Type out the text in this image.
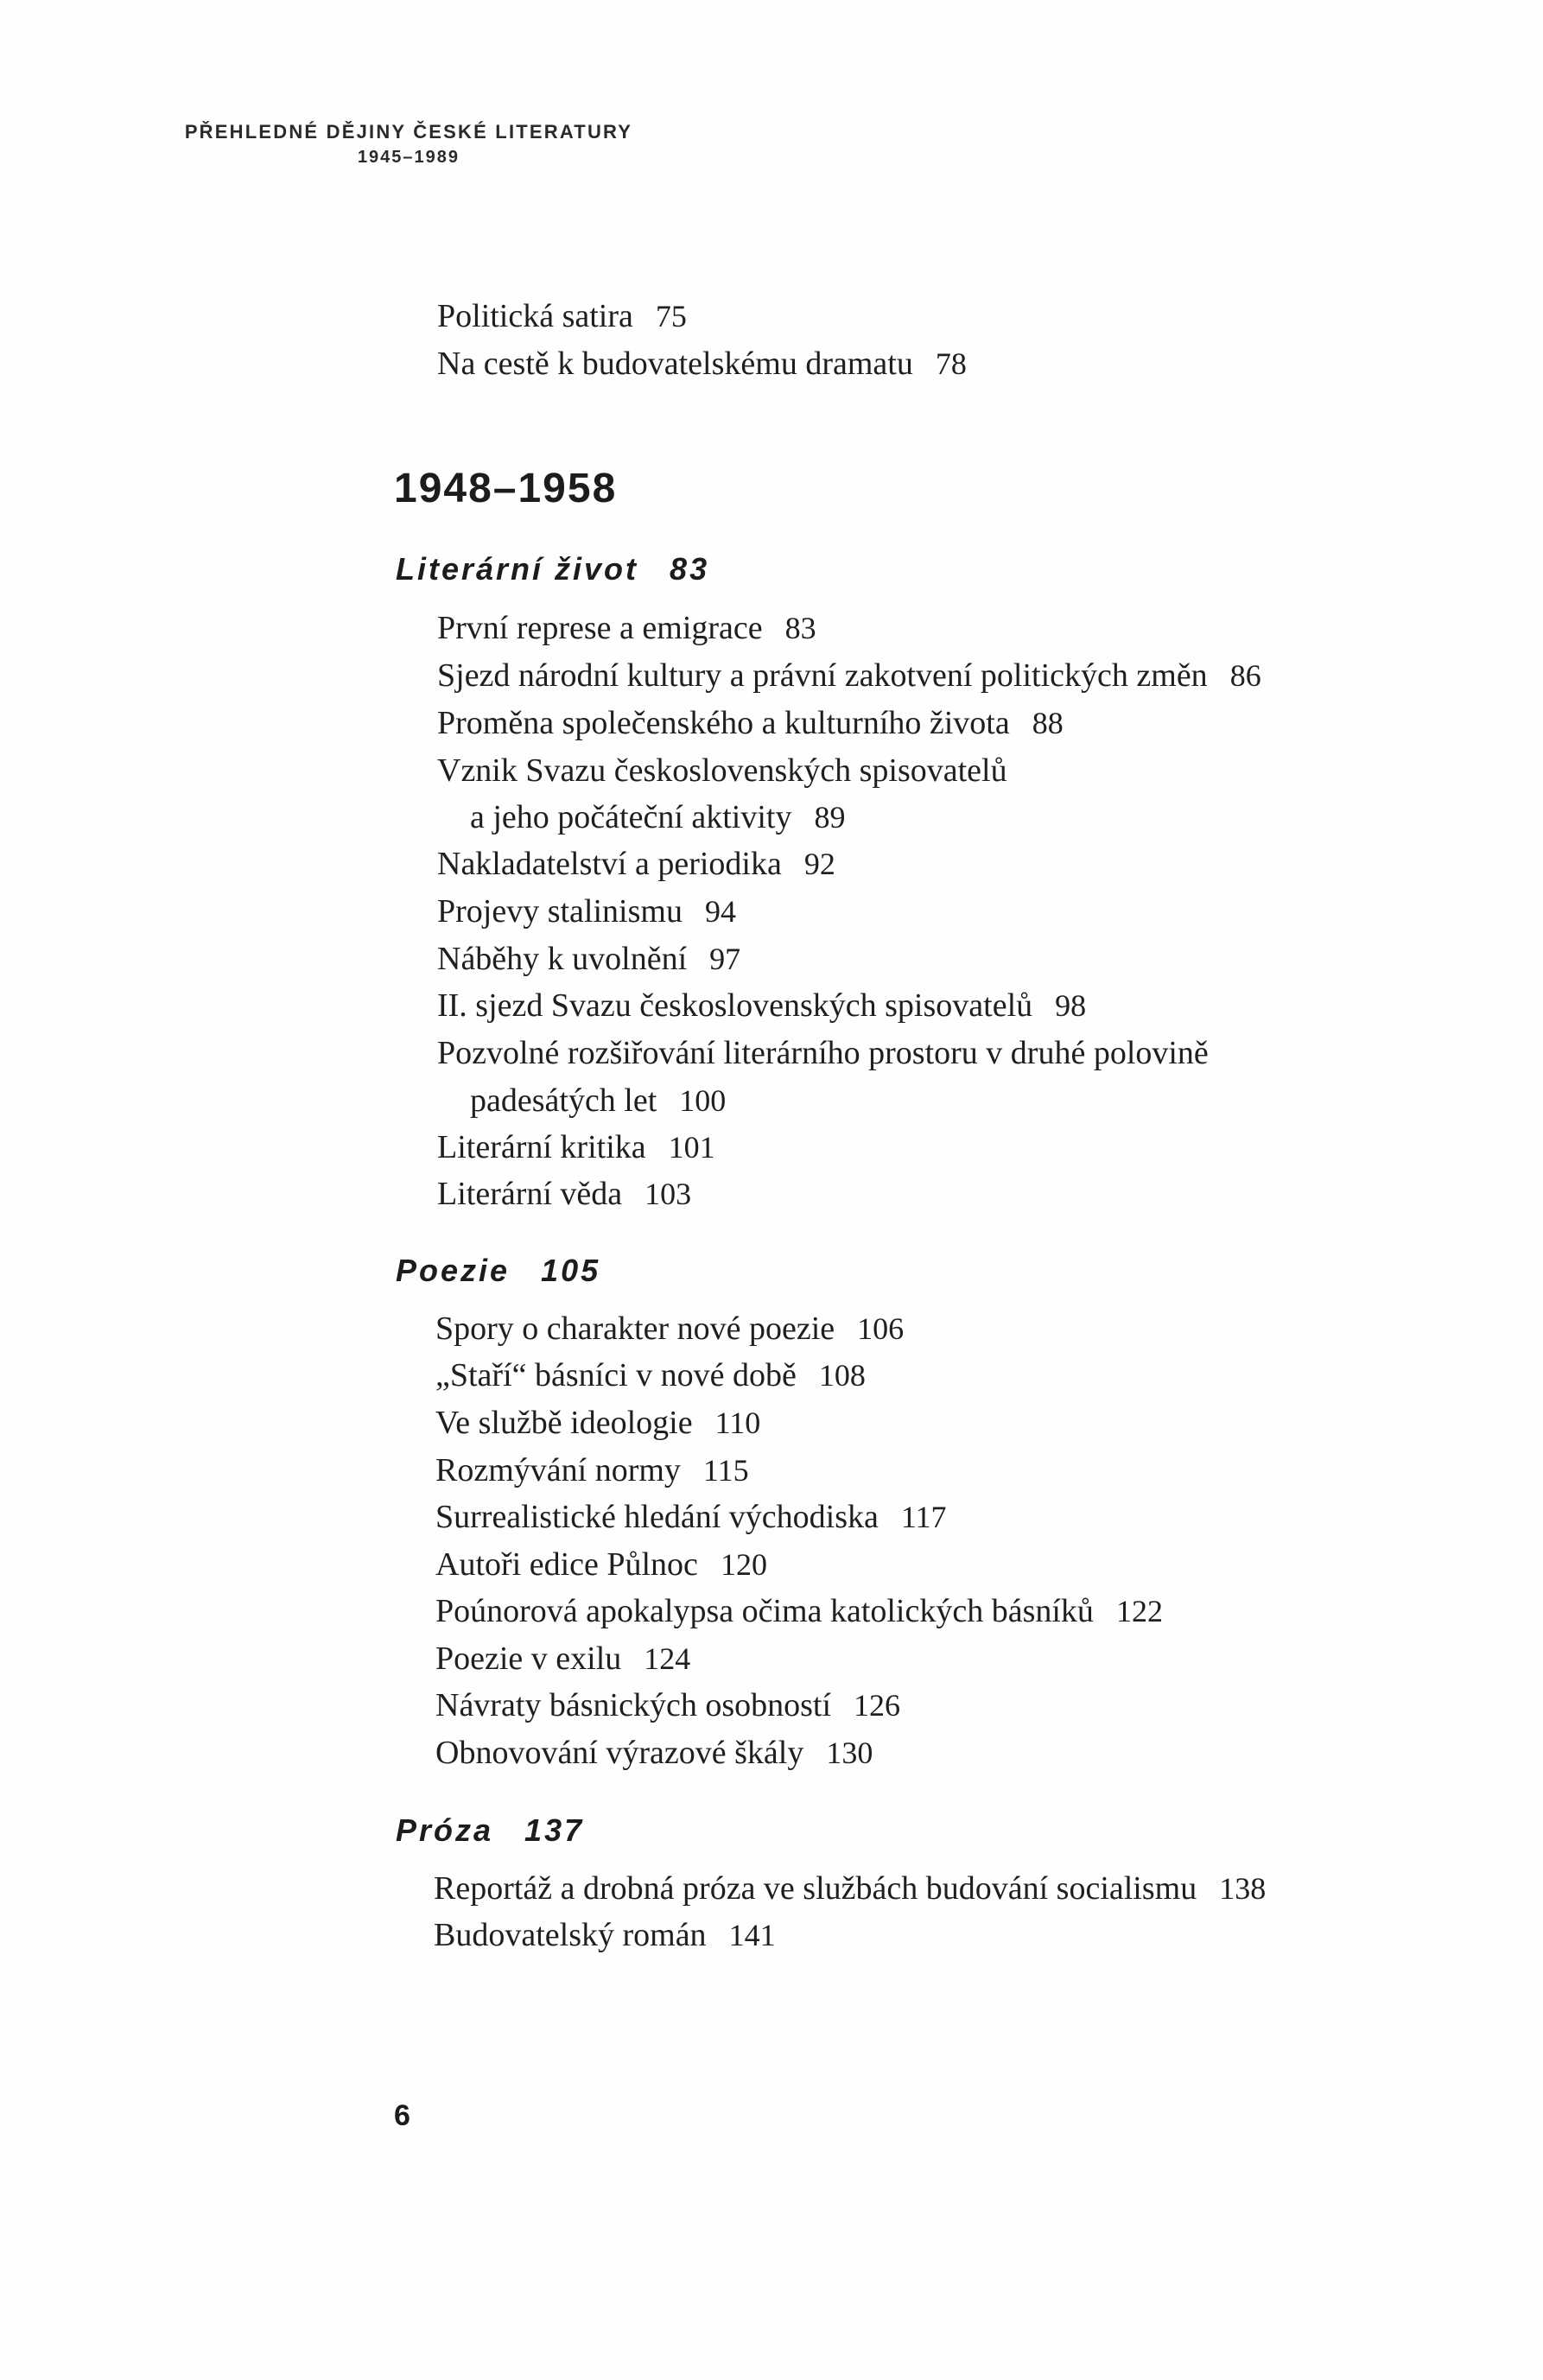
PŘEHLEDNÉ DĚJINY ČESKÉ LITERATURY
1945–1989
Politická satira 75
Na cestě k budovatelskému dramatu 78
1948–1958
Literární život 83
První represe a emigrace 83
Sjezd národní kultury a právní zakotvení politických změn 86
Proměna společenského a kulturního života 88
Vznik Svazu československých spisovatelů
a jeho počáteční aktivity 89
Nakladatelství a periodika 92
Projevy stalinismu 94
Náběhy k uvolnění 97
II. sjezd Svazu československých spisovatelů 98
Pozvolné rozšiřování literárního prostoru v druhé polovině
padesátých let 100
Literární kritika 101
Literární věda 103
Poezie 105
Spory o charakter nové poezie 106
„Staří“ básníci v nové době 108
Ve službě ideologie 110
Rozmývání normy 115
Surrealistické hledání východiska 117
Autoři edice Půlnoc 120
Poúnorová apokalypsa očima katolických básníků 122
Poezie v exilu 124
Návraty básnických osobností 126
Obnovování výrazové škály 130
Próza 137
Reportáž a drobná próza ve službách budování socialismu 138
Budovatelský román 141
6
